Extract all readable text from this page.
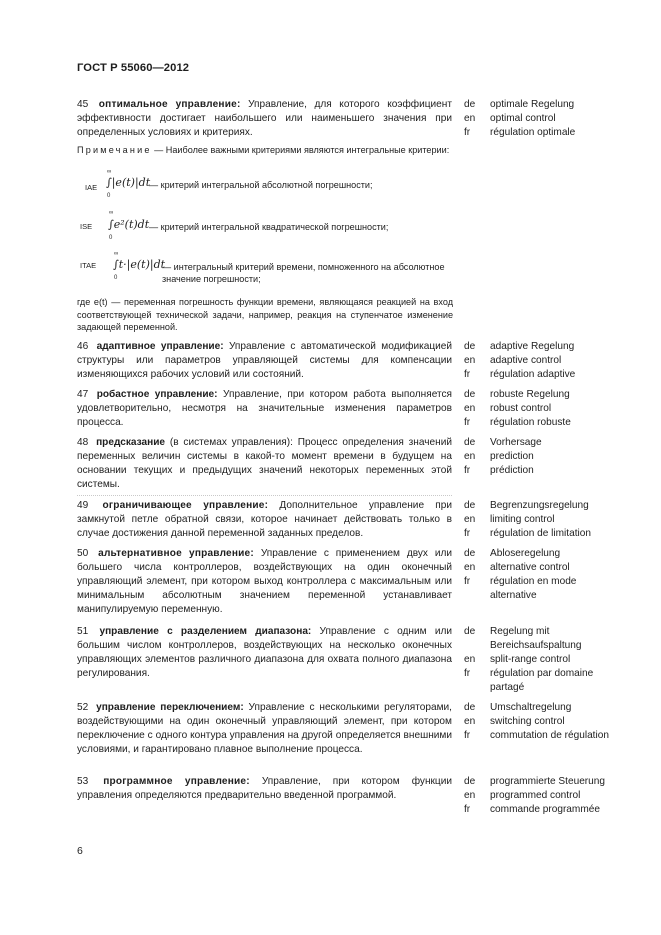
ГОСТ Р 55060—2012
45 оптимальное управление: Управление, для которого коэффициент эффективности достигает наибольшего или наименьшего значения при определенных условиях и критериях.
de	optimale Regelung
en	optimal control
fr	régulation optimale
46 адаптивное управление: Управление с автоматической модификацией структуры или параметров управляющей системы для компенсации изменяющихся рабочих условий или состояний.
de	adaptive Regelung
en	adaptive control
fr	régulation adaptive
47 робастное управление: Управление, при котором работа выполняется удовлетворительно, несмотря на значительные изменения параметров процесса.
de	robuste Regelung
en	robust control
fr	régulation robuste
48 предсказание (в системах управления): Процесс определения значений переменных величин системы в какой-то момент времени в будущем на основании текущих и предыдущих значений некоторых переменных этой системы.
de	Vorhersage
en	prediction
fr	prédiction
49 ограничивающее управление: Дополнительное управление при замкнутой петле обратной связи, которое начинает действовать только в случае достижения данной переменной заданных пределов.
de	Begrenzungsregelung
en	limiting control
fr	régulation de limitation
50 альтернативное управление: Управление с применением двух или большего числа контроллеров, воздействующих на один оконечный управляющий элемент, при котором выход контроллера с максимальным или минимальным абсолютным значением переменной устанавливает манипулируемую переменную.
de	Abloseregelung
en	alternative control
fr	régulation en mode alternative
51 управление с разделением диапазона: Управление с одним или большим числом контроллеров, воздействующих на несколько оконечных управляющих элементов различного диапазона для охвата полного диапазона регулирования.
de	Regelung mit Bereichsaufspaltung
en	split-range control
fr	régulation par domaine partagé
52 управление переключением: Управление с несколькими регуляторами, воздействующими на один оконечный управляющий элемент, при котором переключение с одного контура управления на другой определяется внешними условиями, и гарантировано плавное выполнение процесса.
de	Umschaltregelung
en	switching control
fr	commutation de régulation
53 программное управление: Управление, при котором функции управления определяются предварительно введенной программой.
de	programmierte Steuerung
en	programmed control
fr	commande programmée
Примечание — Наиболее важными критериями являются интегральные критерии:
IAE
∞
∫|e(t)|dt
0
— критерий интегральной абсолютной погрешности;
ISE
∞
∫e²(t)dt
0
— критерий интегральной квадратической погрешности;
ITAE
∞
∫t·|e(t)|dt
0
— интегральный критерий времени, помноженного на абсолютное значение погрешности;
где e(t) — переменная погрешность функции времени, являющаяся реакцией на вход соответствующей технической задачи, например, реакция на ступенчатое изменение задающей переменной.
6
